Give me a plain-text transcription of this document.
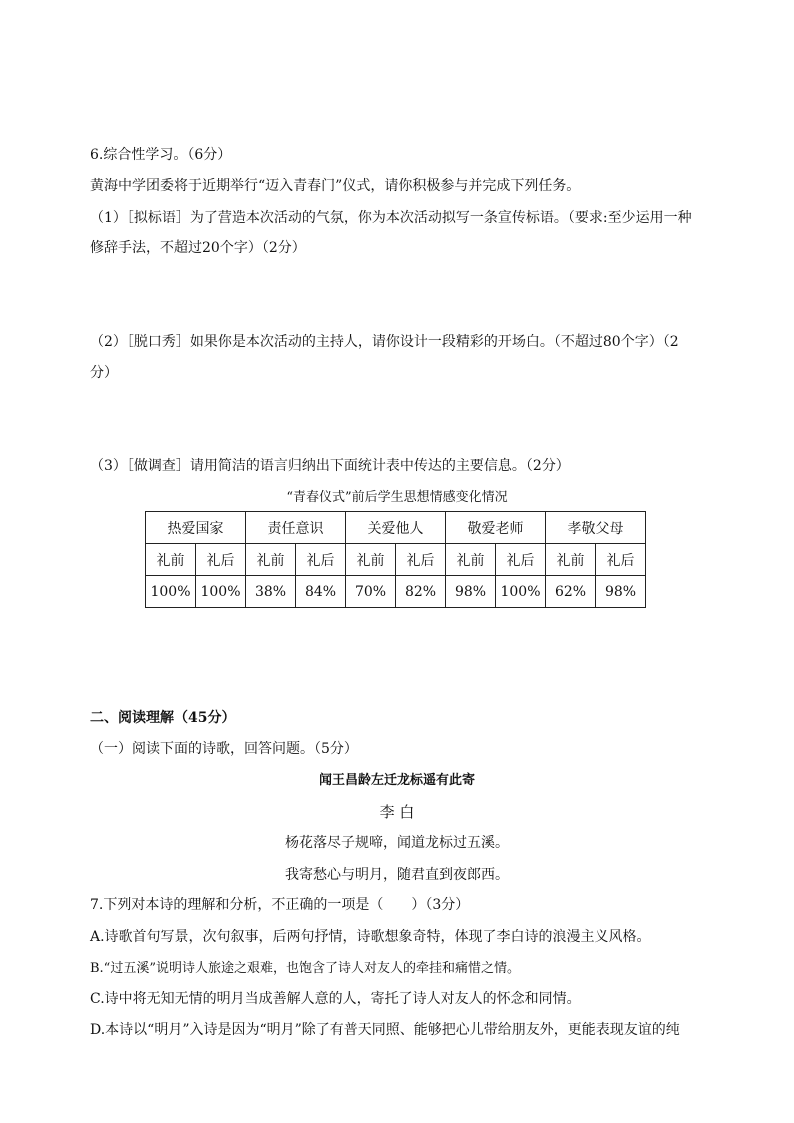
6.综合性学习。（6分）
黄海中学团委将于近期举行“迈入青春门”仪式，请你积极参与并完成下列任务。
（1）［拟标语］为了营造本次活动的气氛，你为本次活动拟写一条宣传标语。（要求:至少运用一种
修辞手法，不超过20个字）（2分）
（2）［脱口秀］如果你是本次活动的主持人，请你设计一段精彩的开场白。（不超过80个字）（2
分）
（3）［做调查］请用简洁的语言归纳出下面统计表中传达的主要信息。（2分）
“青春仪式”前后学生思想情感变化情况
热爱国家		责任意识		关爱他人		敬爱老师		孝敬父母	
礼前	礼后	礼前	礼后	礼前	礼后	礼前	礼后	礼前	礼后
100%	100%	38%	84%	70%	82%	98%	100%	62%	98%
二、阅读理解（45分）
（一）阅读下面的诗歌，回答问题。（5分）
闻王昌龄左迁龙标遥有此寄
李 白
杨花落尽子规啼，闻道龙标过五溪。
我寄愁心与明月，随君直到夜郎西。
7.下列对本诗的理解和分析，不正确的一项是（　　）（3分）
A.诗歌首句写景，次句叙事，后两句抒情，诗歌想象奇特，体现了李白诗的浪漫主义风格。
B.“过五溪”说明诗人旅途之艰难，也饱含了诗人对友人的牵挂和痛惜之情。
C.诗中将无知无情的明月当成善解人意的人，寄托了诗人对友人的怀念和同情。
D.本诗以“明月”入诗是因为“明月”除了有普天同照、能够把心儿带给朋友外，更能表现友谊的纯
